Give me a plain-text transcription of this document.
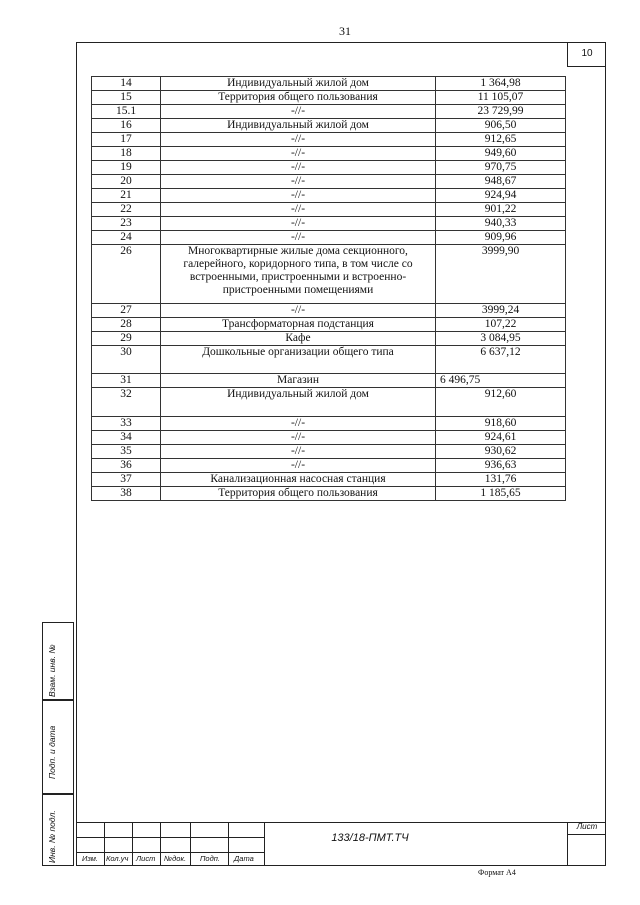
31
10
14	Индивидуальный жилой дом	1 364,98
15	Территория общего пользования	11 105,07
15.1	-//-	23 729,99
16	Индивидуальный жилой дом	906,50
17	-//-	912,65
18	-//-	949,60
19	-//-	970,75
20	-//-	948,67
21	-//-	924,94
22	-//-	901,22
23	-//-	940,33
24	-//-	909,96
26	Многоквартирные жилые дома секционного, галерейного, коридорного типа, в том числе со встроенными, пристроенными и встроенно-пристроенными помещениями	3999,90
27	-//-	3999,24
28	Трансформаторная подстанция	107,22
29	Кафе	3 084,95
30	Дошкольные организации общего типа	6 637,12
31	Магазин	6 496,75
32	Индивидуальный жилой дом	912,60
33	-//-	918,60
34	-//-	924,61
35	-//-	930,62
36	-//-	936,63
37	Канализационная насосная станция	131,76
38	Территория общего пользования	1 185,65
Взам. инв. №
Подп. и дата
Инв. № подл.	Изм. Кол.уч Лист №док. Подп. Дата
133/18-ПМТ.ТЧ
Лист
Формат А4
